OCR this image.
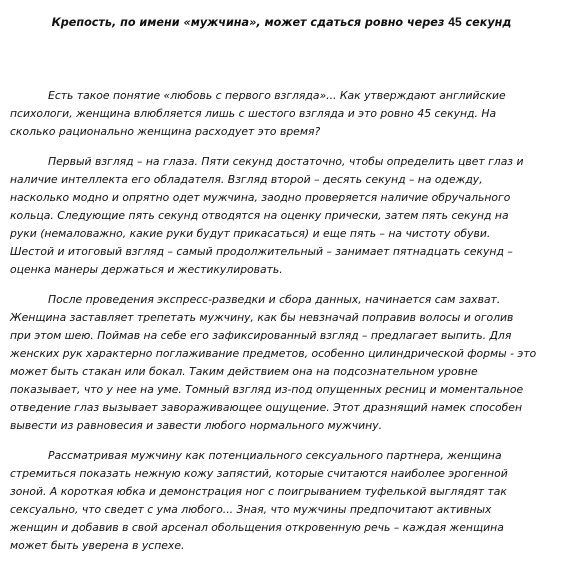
Крепость, по имени «мужчина», может сдаться ровно через 45 секунд
Есть такое понятие «любовь с первого взгляда»... Как утверждают английские
психологи, женщина влюбляется лишь с шестого взгляда и это ровно 45 секунд. На
сколько рационально женщина расходует это время?
Первый взгляд – на глаза. Пяти секунд достаточно, чтобы определить цвет глаз и
наличие интеллекта его обладателя. Взгляд второй – десять секунд – на одежду,
насколько модно и опрятно одет мужчина, заодно проверяется наличие обручального
кольца. Следующие пять секунд отводятся на оценку прически, затем пять секунд на
руки (немаловажно, какие руки будут прикасаться) и еще пять – на чистоту обуви.
Шестой и итоговый взгляд – самый продолжительный – занимает пятнадцать секунд –
оценка манеры держаться и жестикулировать.
После проведения экспресс-разведки и сбора данных, начинается сам захват.
Женщина заставляет трепетать мужчину, как бы невзначай поправив волосы и оголив
при этом шею. Поймав на себе его зафиксированный взгляд – предлагает выпить. Для
женских рук характерно поглаживание предметов, особенно цилиндрической формы - это
может быть стакан или бокал. Таким действием она на подсознательном уровне
показывает, что у нее на уме. Томный взгляд из-под опущенных ресниц и моментальное
отведение глаз вызывает завораживающее ощущение. Этот дразнящий намек способен
вывести из равновесия и завести любого нормального мужчину.
Рассматривая мужчину как потенциального сексуального партнера, женщина
стремиться показать нежную кожу запястий, которые считаются наиболее эрогенной
зоной. А короткая юбка и демонстрация ног с поигрыванием туфелькой выглядят так
сексуально, что сведет с ума любого... Зная, что мужчины предпочитают активных
женщин и добавив в свой арсенал обольщения откровенную речь – каждая женщина
может быть уверена в успехе.
